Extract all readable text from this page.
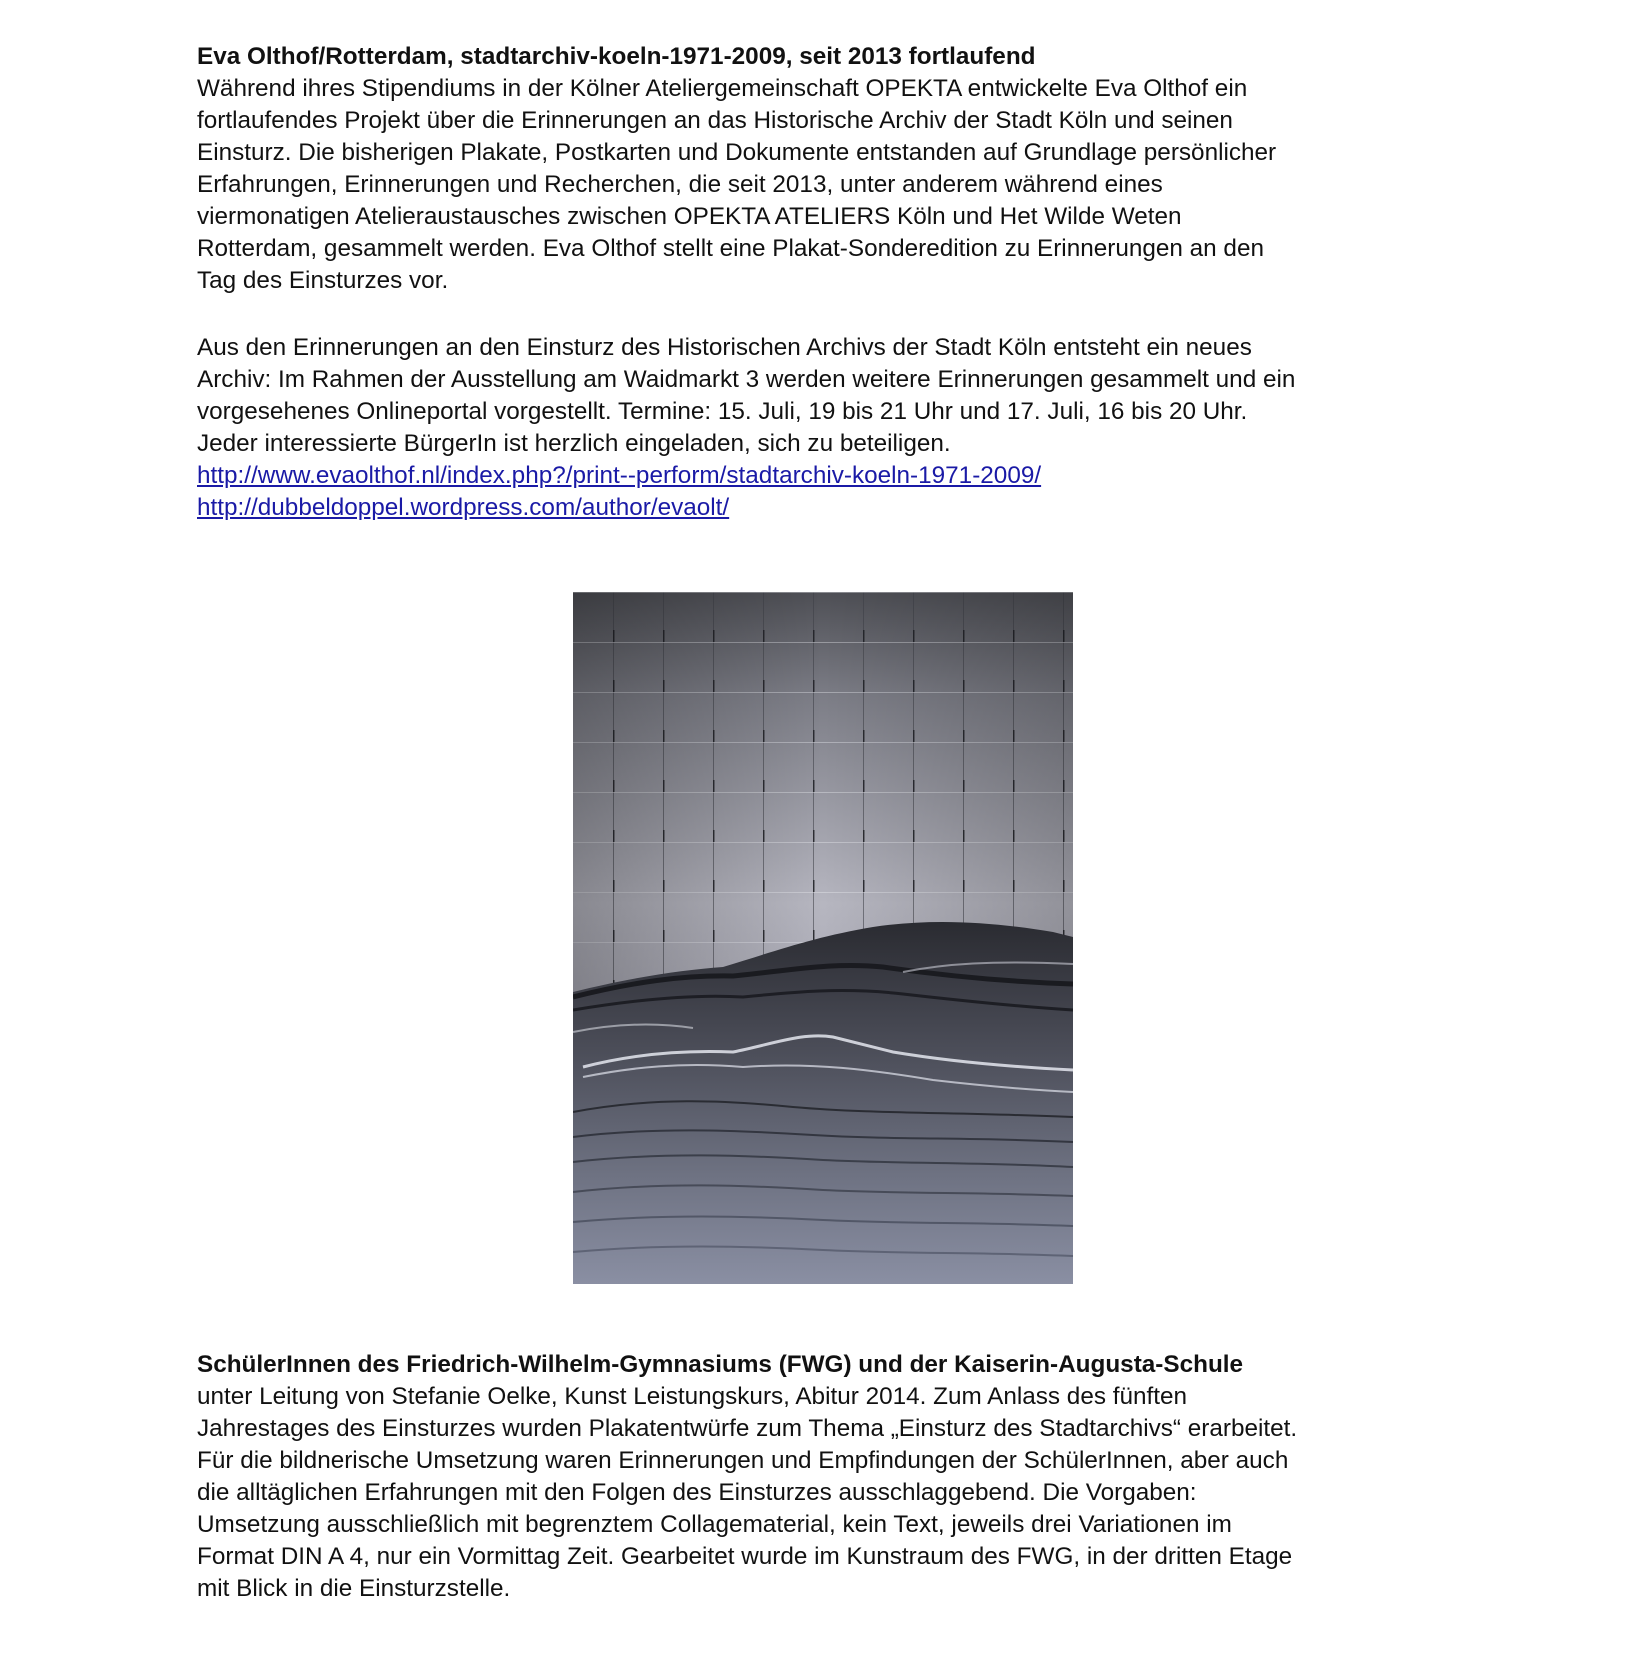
Eva Olthof/Rotterdam, stadtarchiv-koeln-1971-2009, seit 2013 fortlaufend
Während ihres Stipendiums in der Kölner Ateliergemeinschaft OPEKTA entwickelte Eva Olthof ein
fortlaufendes Projekt über die Erinnerungen an das Historische Archiv der Stadt Köln und seinen
Einsturz. Die bisherigen Plakate, Postkarten und Dokumente entstanden auf Grundlage persönlicher
Erfahrungen, Erinnerungen und Recherchen, die seit 2013, unter anderem während eines
viermonatigen Atelieraustausches zwischen OPEKTA ATELIERS Köln und Het Wilde Weten
Rotterdam, gesammelt werden. Eva Olthof stellt eine Plakat-Sonderedition zu Erinnerungen an den
Tag des Einsturzes vor.

Aus den Erinnerungen an den Einsturz des Historischen Archivs der Stadt Köln entsteht ein neues
Archiv: Im Rahmen der Ausstellung am Waidmarkt 3 werden weitere Erinnerungen gesammelt und ein
vorgesehenes Onlineportal vorgestellt. Termine: 15. Juli, 19 bis 21 Uhr und 17. Juli, 16 bis 20 Uhr.
Jeder interessierte BürgerIn ist herzlich eingeladen, sich zu beteiligen.
http://www.evaolthof.nl/index.php?/print--perform/stadtarchiv-koeln-1971-2009/
http://dubbeldoppel.wordpress.com/author/evaolt/

SchülerInnen des Friedrich-Wilhelm-Gymnasiums (FWG) und der Kaiserin-Augusta-Schule
unter Leitung von Stefanie Oelke, Kunst Leistungskurs, Abitur 2014. Zum Anlass des fünften
Jahrestages des Einsturzes wurden Plakatentwürfe zum Thema „Einsturz des Stadtarchivs“ erarbeitet.
Für die bildnerische Umsetzung waren Erinnerungen und Empfindungen der SchülerInnen, aber auch
die alltäglichen Erfahrungen mit den Folgen des Einsturzes ausschlaggebend. Die Vorgaben:
Umsetzung ausschließlich mit begrenztem Collagematerial, kein Text, jeweils drei Variationen im
Format DIN A 4, nur ein Vormittag Zeit. Gearbeitet wurde im Kunstraum des FWG, in der dritten Etage
mit Blick in die Einsturzstelle.
